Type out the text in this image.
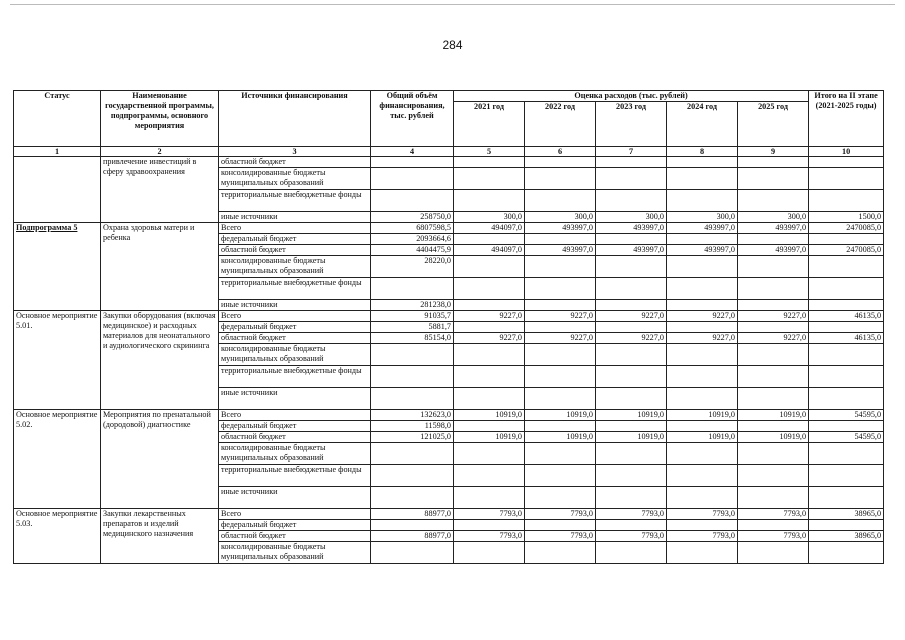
284
Статус	Наименование государственной программы, подпрограммы, основного мероприятия	Источники финансирования	Общий объём финансирования, тыс. рублей	Оценка расходов (тыс. рублей)					Итого на II этапе (2021-2025 годы)
				2021 год	2022 год	2023 год	2024 год	2025 год	
1	2	3	4	5	6	7	8	9	10
	привлечение инвестиций в сферу здравоохранения	областной бюджет							
		консолидированные бюджеты муниципальных образований							
		территориальные внебюджетные фонды							
		иные источники	258750,0	300,0	300,0	300,0	300,0	300,0	1500,0
Подпрограмма 5	Охрана здоровья матери и ребенка	Всего	6807598,5	494097,0	493997,0	493997,0	493997,0	493997,0	2470085,0
		федеральный бюджет	2093664,6						
		областной бюджет	4404475,9	494097,0	493997,0	493997,0	493997,0	493997,0	2470085,0
		консолидированные бюджеты муниципальных образований	28220,0						
		территориальные внебюджетные фонды							
		иные источники	281238,0						
Основное мероприятие 5.01.	Закупки оборудования (включая медицинское) и расходных материалов для неонатального и аудиологического скрининга	Всего	91035,7	9227,0	9227,0	9227,0	9227,0	9227,0	46135,0
		федеральный бюджет	5881,7						
		областной бюджет	85154,0	9227,0	9227,0	9227,0	9227,0	9227,0	46135,0
		консолидированные бюджеты муниципальных образований							
		территориальные внебюджетные фонды							
		иные источники							
Основное мероприятие 5.02.	Мероприятия по пренатальной (дородовой) диагностике	Всего	132623,0	10919,0	10919,0	10919,0	10919,0	10919,0	54595,0
		федеральный бюджет	11598,0						
		областной бюджет	121025,0	10919,0	10919,0	10919,0	10919,0	10919,0	54595,0
		консолидированные бюджеты муниципальных образований							
		территориальные внебюджетные фонды							
		иные источники							
Основное мероприятие 5.03.	Закупки лекарственных препаратов и изделий медицинского назначения	Всего	88977,0	7793,0	7793,0	7793,0	7793,0	7793,0	38965,0
		федеральный бюджет							
		областной бюджет	88977,0	7793,0	7793,0	7793,0	7793,0	7793,0	38965,0
		консолидированные бюджеты муниципальных образований							
